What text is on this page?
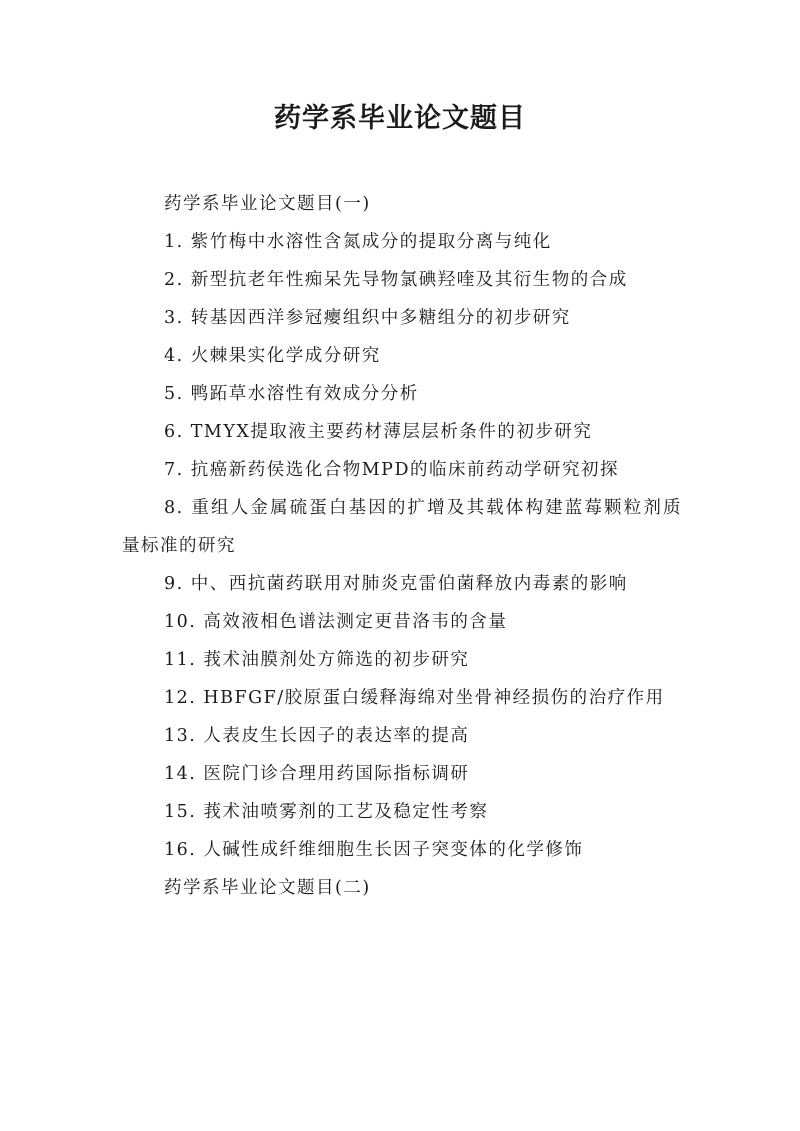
药学系毕业论文题目

药学系毕业论文题目(一)

1. 紫竹梅中水溶性含氮成分的提取分离与纯化

2. 新型抗老年性痴呆先导物氯碘羟喹及其衍生物的合成

3. 转基因西洋参冠瘿组织中多糖组分的初步研究

4. 火棘果实化学成分研究

5. 鸭跖草水溶性有效成分分析

6. TMYX提取液主要药材薄层层析条件的初步研究

7. 抗癌新药侯选化合物MPD的临床前药动学研究初探

8. 重组人金属硫蛋白基因的扩增及其载体构建蓝莓颗粒剂质量标准的研究

9. 中、西抗菌药联用对肺炎克雷伯菌释放内毒素的影响

10. 高效液相色谱法测定更昔洛韦的含量

11. 莪术油膜剂处方筛选的初步研究

12. HBFGF/胶原蛋白缓释海绵对坐骨神经损伤的治疗作用

13. 人表皮生长因子的表达率的提高

14. 医院门诊合理用药国际指标调研

15. 莪术油喷雾剂的工艺及稳定性考察

16. 人碱性成纤维细胞生长因子突变体的化学修饰

药学系毕业论文题目(二)
